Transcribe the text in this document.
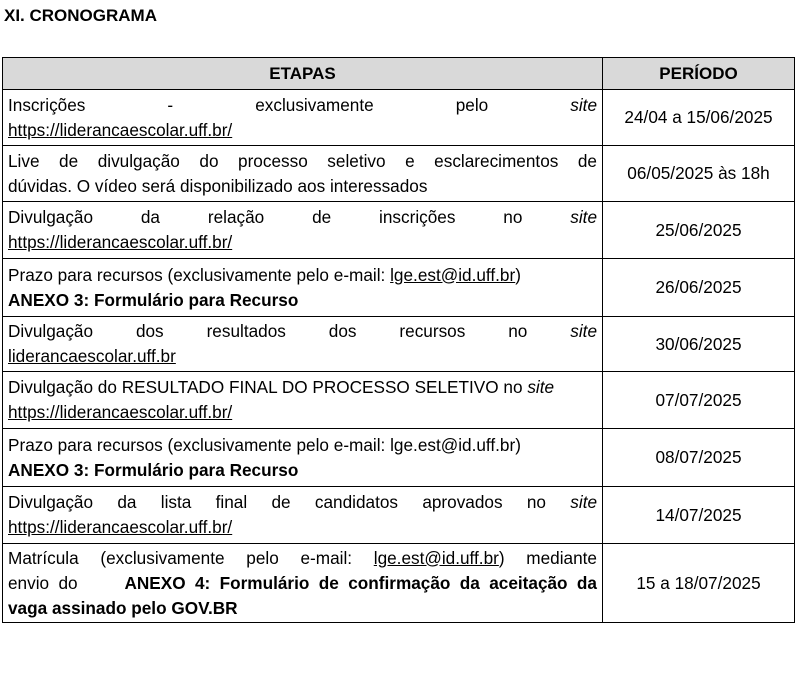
XI. CRONOGRAMA
ETAPAS	PERÍODO

Inscrições - exclusivamente pelo site
https://liderancaescolar.uff.br/	24/04 a 15/06/2025

Live de divulgação do processo seletivo e esclarecimentos de
dúvidas. O vídeo será disponibilizado aos interessados	06/05/2025 às 18h

Divulgação da relação de inscrições no site
https://liderancaescolar.uff.br/	25/06/2025

Prazo para recursos (exclusivamente pelo e-mail: lge.est@id.uff.br)
ANEXO 3: Formulário para Recurso	26/06/2025

Divulgação dos resultados dos recursos no site
liderancaescolar.uff.br	30/06/2025

Divulgação do RESULTADO FINAL DO PROCESSO SELETIVO no site
https://liderancaescolar.uff.br/	07/07/2025

Prazo para recursos (exclusivamente pelo e-mail: lge.est@id.uff.br)
ANEXO 3: Formulário para Recurso	08/07/2025

Divulgação da lista final de candidatos aprovados no site
https://liderancaescolar.uff.br/	14/07/2025

Matrícula (exclusivamente pelo e-mail: lge.est@id.uff.br) mediante
envio do     ANEXO 4: Formulário de confirmação da aceitação da
vaga assinado pelo GOV.BR	15 a 18/07/2025
